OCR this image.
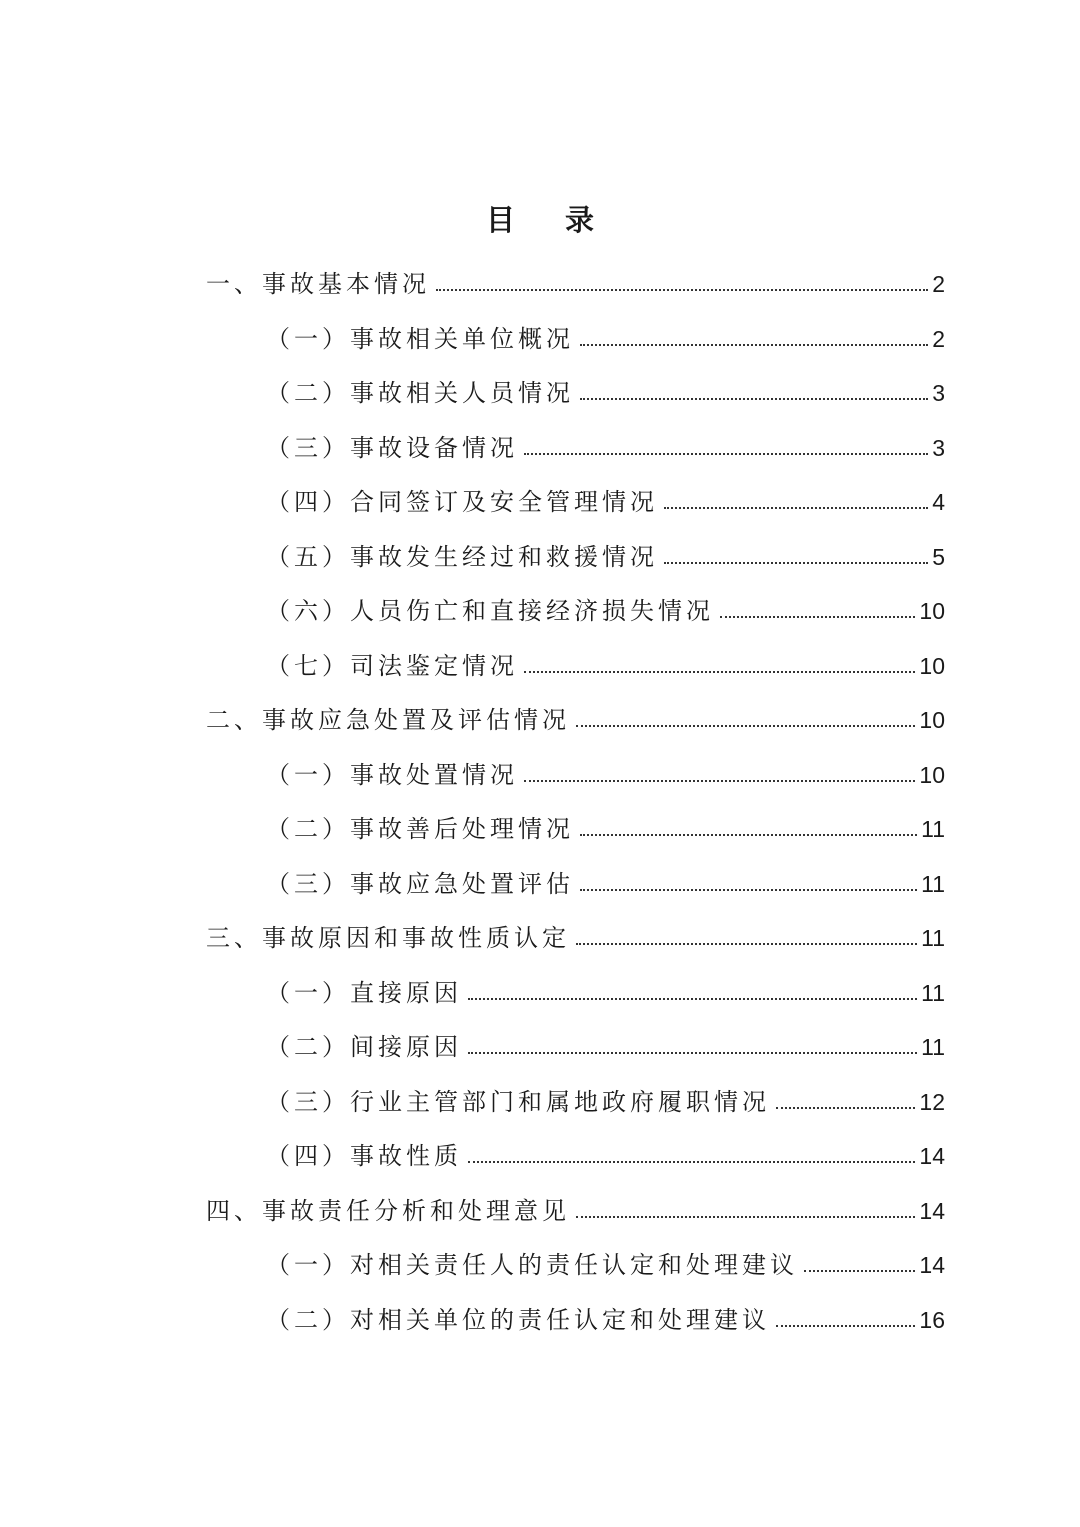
目 录
一、事故基本情况	2
（一）事故相关单位概况	2
（二）事故相关人员情况	3
（三）事故设备情况	3
（四）合同签订及安全管理情况	4
（五）事故发生经过和救援情况	5
（六）人员伤亡和直接经济损失情况	10
（七）司法鉴定情况	10
二、事故应急处置及评估情况	10
（一）事故处置情况	10
（二）事故善后处理情况	11
（三）事故应急处置评估	11
三、事故原因和事故性质认定	11
（一）直接原因	11
（二）间接原因	11
（三）行业主管部门和属地政府履职情况	12
（四）事故性质	14
四、事故责任分析和处理意见	14
（一）对相关责任人的责任认定和处理建议	14
（二）对相关单位的责任认定和处理建议	16
